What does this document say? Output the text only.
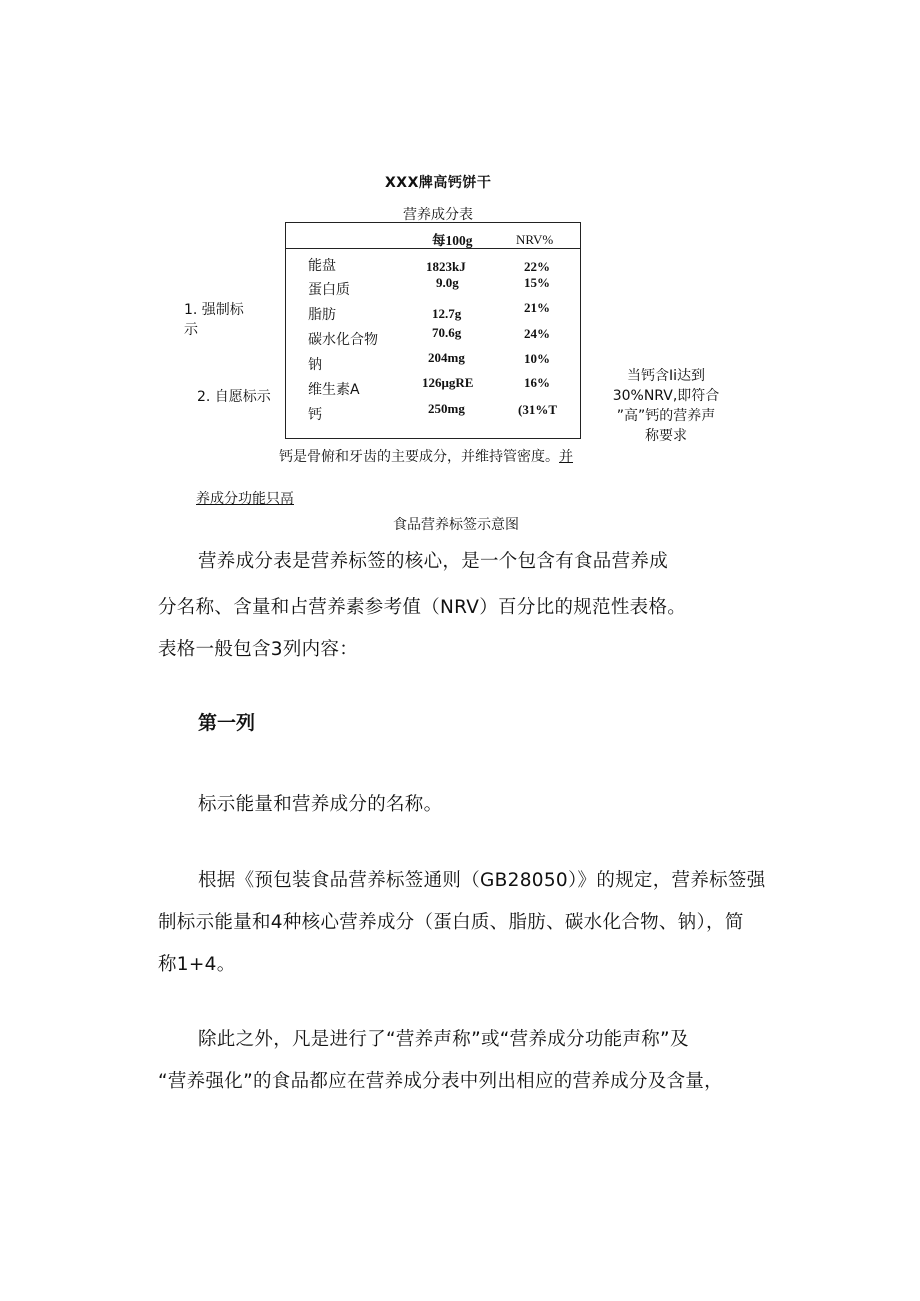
XXX牌高钙饼干
营养成分表
每100g	NRV%
能盘	1823kJ	22%
蛋白质	9.0g	15%
脂肪	12.7g	21%
碳水化合物	70.6g	24%
钠	204mg	10%
维生素A	126μgRE	16%
钙	250mg	(31%T
1. 强制标
示
2. 自愿标示
当钙含Ii达到
30%NRV,即符合
”高”钙的营养声
称要求
钙是骨俯和牙齿的主要成分，并维持管密度。并
养成分功能只鬲
食品营养标签示意图
营养成分表是营养标签的核心，是一个包含有食品营养成
分名称、含量和占营养素参考值（NRV）百分比的规范性表格。
表格一般包含3列内容：
第一列
标示能量和营养成分的名称。
根据《预包装食品营养标签通则（GB28050）》的规定，营养标签强
制标示能量和4种核心营养成分（蛋白质、脂肪、碳水化合物、钠），简
称1+4。
除此之外，凡是进行了“营养声称”或“营养成分功能声称”及
“营养强化”的食品都应在营养成分表中列出相应的营养成分及含量，
